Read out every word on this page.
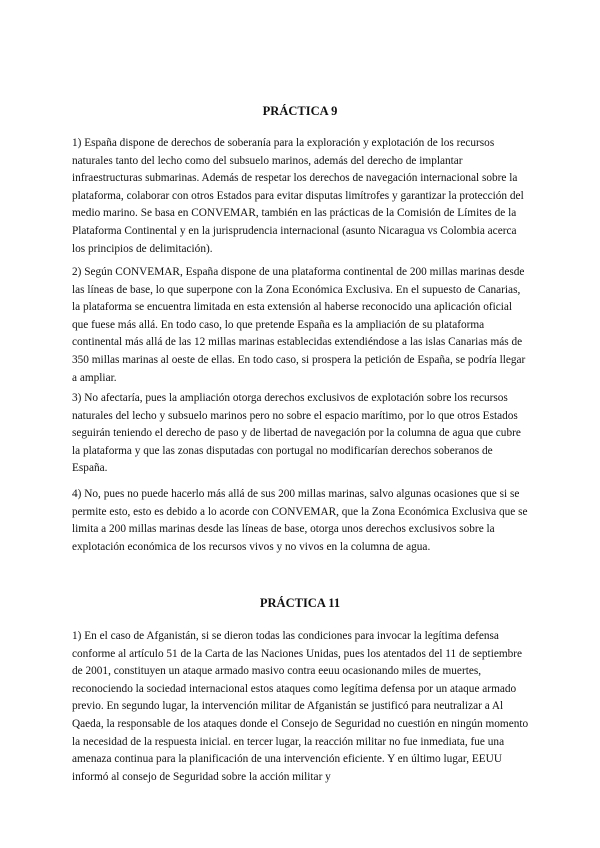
PRÁCTICA 9

1) España dispone de derechos de soberanía para la exploración y explotación de los recursos naturales tanto del lecho como del subsuelo marinos, además del derecho de implantar infraestructuras submarinas. Además de respetar los derechos de navegación internacional sobre la plataforma, colaborar con otros Estados para evitar disputas limítrofes y garantizar la protección del medio marino. Se basa en CONVEMAR, también en las prácticas de la Comisión de Límites de la Plataforma Continental y en la jurisprudencia internacional (asunto Nicaragua vs Colombia acerca los principios de delimitación).

2) Según CONVEMAR, España dispone de una plataforma continental de 200 millas marinas desde las líneas de base, lo que superpone con la Zona Económica Exclusiva. En el supuesto de Canarias, la plataforma se encuentra limitada en esta extensión al haberse reconocido una aplicación oficial que fuese más allá. En todo caso, lo que pretende España es la ampliación de su plataforma continental más allá de las 12 millas marinas establecidas extendiéndose a las islas Canarias más de 350 millas marinas al oeste de ellas. En todo caso, si prospera la petición de España, se podría llegar a ampliar.

3) No afectaría, pues la ampliación otorga derechos exclusivos de explotación sobre los recursos naturales del lecho y subsuelo marinos pero no sobre el espacio marítimo, por lo que otros Estados seguirán teniendo el derecho de paso y de libertad de navegación por la columna de agua que cubre la plataforma y que las zonas disputadas con portugal no modificarían derechos soberanos de España.

4) No, pues no puede hacerlo más allá de sus 200 millas marinas, salvo algunas ocasiones que si se permite esto, esto es debido a lo acorde con CONVEMAR, que la Zona Económica Exclusiva que se limita a 200 millas marinas desde las líneas de base, otorga unos derechos exclusivos sobre la explotación económica de los recursos vivos y no vivos en la columna de agua.

PRÁCTICA 11

1) En el caso de Afganistán, si se dieron todas las condiciones para invocar la legítima defensa conforme al artículo 51 de la Carta de las Naciones Unidas, pues los atentados del 11 de septiembre de 2001, constituyen un ataque armado masivo contra eeuu ocasionando miles de muertes, reconociendo la sociedad internacional estos ataques como legítima defensa por un ataque armado previo. En segundo lugar, la intervención militar de Afganistán se justificó para neutralizar a Al Qaeda, la responsable de los ataques donde el Consejo de Seguridad no cuestión en ningún momento la necesidad de la respuesta inicial. en tercer lugar, la reacción militar no fue inmediata, fue una amenaza continua para la planificación de una intervención eficiente. Y en último lugar, EEUU informó al consejo de Seguridad sobre la acción militar y
